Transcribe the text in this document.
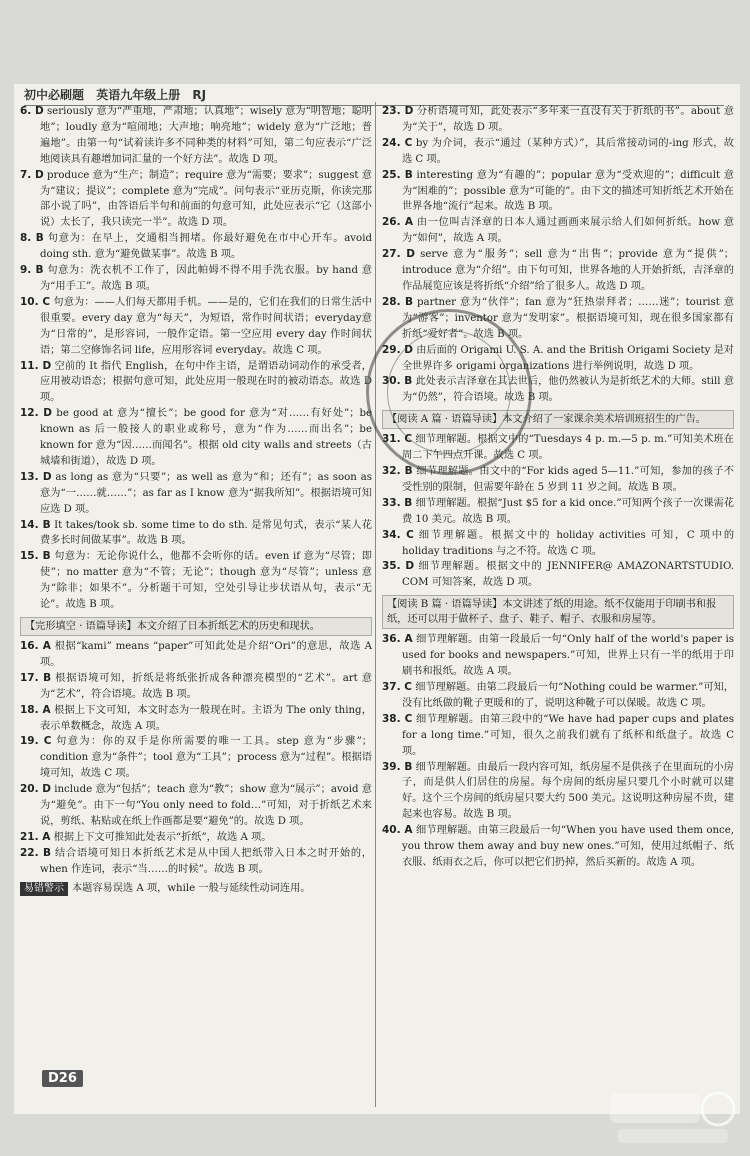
初中必刷题 英语九年级上册 RJ

6. D seriously 意为“严重地，严肃地；认真地”；wisely 意为“明智地；聪明地”；loudly 意为“喧闹地；大声地；响亮地”；widely 意为“广泛地；普遍地”。由第一句“试着读许多不同种类的材料”可知，第二句应表示“广泛地阅读具有趣增加词汇量的一个好方法”。故选 D 项。

7. D produce 意为“生产；制造”；require 意为“需要；要求”；suggest 意为“建议；提议”；complete 意为“完成”。问句表示“亚历克斯，你读完那部小说了吗”，由答语后半句和前面的句意可知，此处应表示“它（这部小说）太长了，我只读完一半”。故选 D 项。

8. B 句意为：在早上，交通相当拥堵。你最好避免在市中心开车。avoid doing sth. 意为“避免做某事”。故选 B 项。

9. B 句意为：洗衣机不工作了，因此帕姆不得不用手洗衣服。by hand 意为“用手工”。故选 B 项。

10. C 句意为：——人们每天都用手机。——是的，它们在我们的日常生活中很重要。every day 意为“每天”，为短语，常作时间状语；everyday意为“日常的”，是形容词，一般作定语。第一空应用 every day 作时间状语；第二空修饰名词 life，应用形容词 everyday。故选 C 项。

11. D 空前的 It 指代 English，在句中作主语，是谓语动词动作的承受者，应用被动语态；根据句意可知，此处应用一般现在时的被动语态。故选 D 项。

12. D be good at 意为“擅长”；be good for 意为“对……有好处”；be known as 后一般接人的职业或称号，意为“作为……而出名”；be known for 意为“因……而闻名”。根据 old city walls and streets（古城墙和街道），故选 D 项。

13. D as long as 意为“只要”；as well as 意为“和；还有”；as soon as 意为“一……就……”；as far as I know 意为“据我所知”。根据语境可知应选 D 项。

14. B It takes/took sb. some time to do sth. 是常见句式，表示“某人花费多长时间做某事”。故选 B 项。

15. B 句意为：无论你说什么，他都不会听你的话。even if 意为“尽管；即使”；no matter 意为“不管；无论”；though 意为“尽管”；unless 意为“除非；如果不”。分析题干可知，空处引导让步状语从句，表示“无论”。故选 B 项。

【完形填空 · 语篇导读】本文介绍了日本折纸艺术的历史和现状。

16. A 根据“kami” means “paper”可知此处是介绍“Ori”的意思，故选 A 项。

17. B 根据语境可知，折纸是将纸张折成各种漂亮模型的“艺术”。art 意为“艺术”，符合语境。故选 B 项。

18. A 根据上下文可知，本文时态为一般现在时。主语为 The only thing，表示单数概念，故选 A 项。

19. C 句意为：你的双手是你所需要的唯一工具。step 意为“步骤”；condition 意为“条件”；tool 意为“工具”；process 意为“过程”。根据语境可知，故选 C 项。

20. D include 意为“包括”；teach 意为“教”；show 意为“展示”；avoid 意为“避免”。由下一句“You only need to fold…”可知，对于折纸艺术来说，剪纸、粘贴或在纸上作画都是要“避免”的。故选 D 项。

21. A 根据上下文可推知此处表示“折纸”，故选 A 项。

22. B 结合语境可知日本折纸艺术是从中国人把纸带入日本之时开始的，when 作连词，表示“当……的时候”。故选 B 项。

易错警示 本题容易误选 A 项，while 一般与延续性动词连用。

23. D 分析语境可知，此处表示“多年来一直没有关于折纸的书”。about 意为“关于”，故选 D 项。

24. C by 为介词，表示“通过（某种方式）”，其后常接动词的-ing 形式，故选 C 项。

25. B interesting 意为“有趣的”；popular 意为“受欢迎的”；difficult 意为“困难的”；possible 意为“可能的”。由下文的描述可知折纸艺术开始在世界各地“流行”起来。故选 B 项。

26. A 由一位叫吉泽章的日本人通过画画来展示给人们如何折纸。how 意为“如何”，故选 A 项。

27. D serve 意为“服务”；sell 意为“出售”；provide 意为“提供”；introduce 意为“介绍”。由下句可知，世界各地的人开始折纸，吉泽章的作品展览应该是将折纸“介绍”给了很多人。故选 D 项。

28. B partner 意为“伙伴”；fan 意为“狂热崇拜者；……迷”；tourist 意为“游客”；inventor 意为“发明家”。根据语境可知，现在很多国家都有折纸“爱好者”。故选 B 项。

29. D 由后面的 Origami U. S. A. and the British Origami Society 是对全世界许多 origami organizations 进行举例说明，故选 D 项。

30. B 此处表示吉泽章在其去世后，他仍然被认为是折纸艺术的大师。still 意为“仍然”，符合语境。故选 B 项。

【阅读 A 篇 · 语篇导读】本文介绍了一家课余美术培训班招生的广告。

31. C 细节理解题。根据文中的“Tuesdays 4 p. m.—5 p. m.”可知美术班在周二下午四点开课。故选 C 项。

32. B 细节理解题。由文中的“For kids aged 5—11.”可知，参加的孩子不受性别的限制，但需要年龄在 5 岁到 11 岁之间。故选 B 项。

33. B 细节理解题。根据“Just $5 for a kid once.”可知两个孩子一次课需花费 10 美元。故选 B 项。

34. C 细节理解题。根据文中的 holiday activities 可知，C 项中的 holiday traditions 与之不符。故选 C 项。

35. D 细节理解题。根据文中的 JENNIFER@ AMAZONARTSTUDIO. COM 可知答案，故选 D 项。

【阅读 B 篇 · 语篇导读】本文讲述了纸的用途。纸不仅能用于印刷书和报纸，还可以用于做杯子、盘子、鞋子、帽子、衣服和房屋等。

36. A 细节理解题。由第一段最后一句“Only half of the world's paper is used for books and newspapers.”可知，世界上只有一半的纸用于印刷书和报纸。故选 A 项。

37. C 细节理解题。由第二段最后一句“Nothing could be warmer.”可知，没有比纸做的靴子更暖和的了，说明这种靴子可以保暖。故选 C 项。

38. C 细节理解题。由第三段中的“We have had paper cups and plates for a long time.”可知，很久之前我们就有了纸杯和纸盘子。故选 C 项。

39. B 细节理解题。由最后一段内容可知，纸房屋不是供孩子在里面玩的小房子，而是供人们居住的房屋。每个房间的纸房屋只要几个小时就可以建好。这个三个房间的纸房屋只要大约 500 美元。这说明这种房屋不贵，建起来也容易。故选 B 项。

40. A 细节理解题。由第三段最后一句“When you have used them once, you throw them away and buy new ones.”可知，使用过纸帽子、纸衣服、纸雨衣之后，你可以把它们扔掉，然后买新的。故选 A 项。

D26
